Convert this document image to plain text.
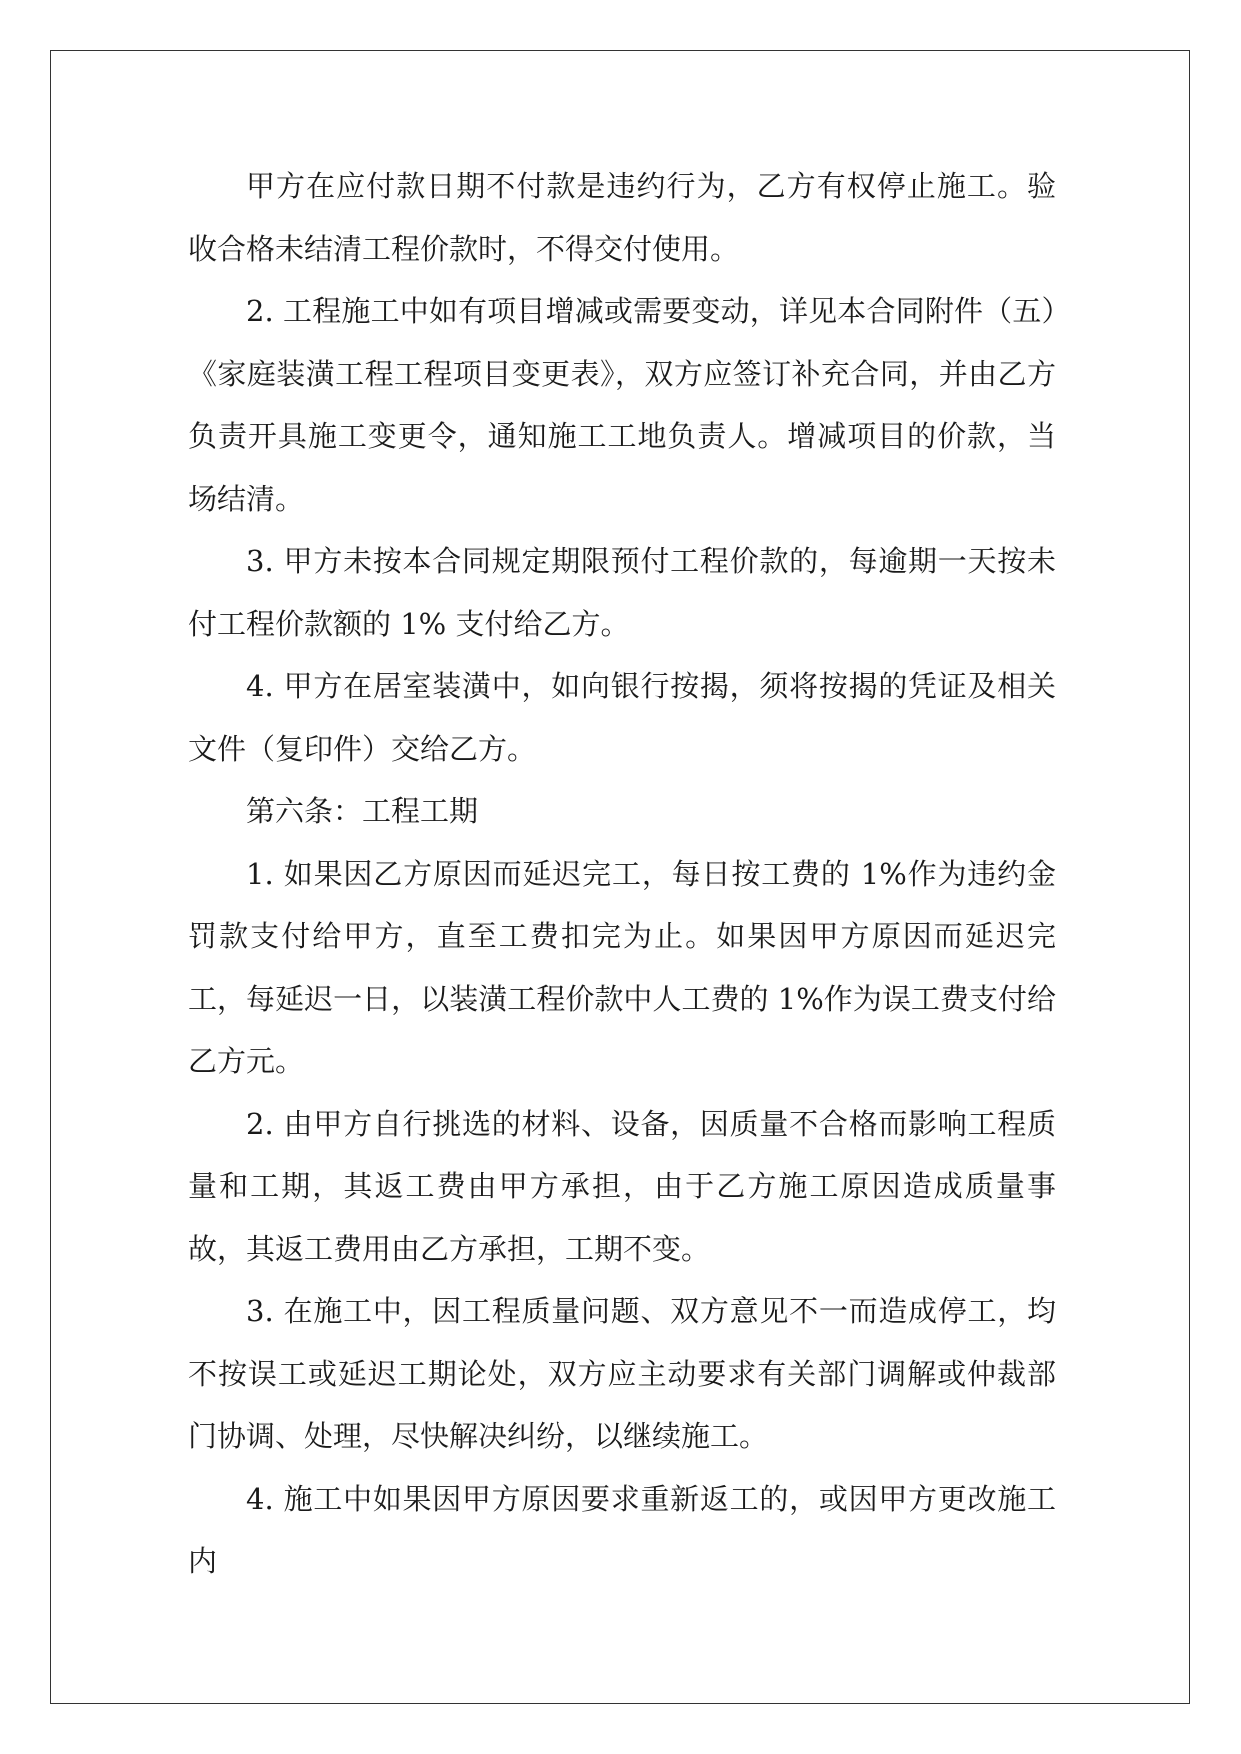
甲方在应付款日期不付款是违约行为，乙方有权停止施工。验收合格未结清工程价款时，不得交付使用。

2. 工程施工中如有项目增减或需要变动，详见本合同附件（五）《家庭装潢工程工程项目变更表》，双方应签订补充合同，并由乙方负责开具施工变更令，通知施工工地负责人。增减项目的价款，当场结清。

3. 甲方未按本合同规定期限预付工程价款的，每逾期一天按未付工程价款额的 1% 支付给乙方。

4. 甲方在居室装潢中，如向银行按揭，须将按揭的凭证及相关文件（复印件）交给乙方。

第六条：工程工期

1. 如果因乙方原因而延迟完工，每日按工费的 1%作为违约金罚款支付给甲方，直至工费扣完为止。如果因甲方原因而延迟完工，每延迟一日，以装潢工程价款中人工费的 1%作为误工费支付给乙方元。

2. 由甲方自行挑选的材料、设备，因质量不合格而影响工程质量和工期，其返工费由甲方承担，由于乙方施工原因造成质量事故，其返工费用由乙方承担，工期不变。

3. 在施工中，因工程质量问题、双方意见不一而造成停工，均不按误工或延迟工期论处，双方应主动要求有关部门调解或仲裁部门协调、处理，尽快解决纠纷，以继续施工。

4. 施工中如果因甲方原因要求重新返工的，或因甲方更改施工内
